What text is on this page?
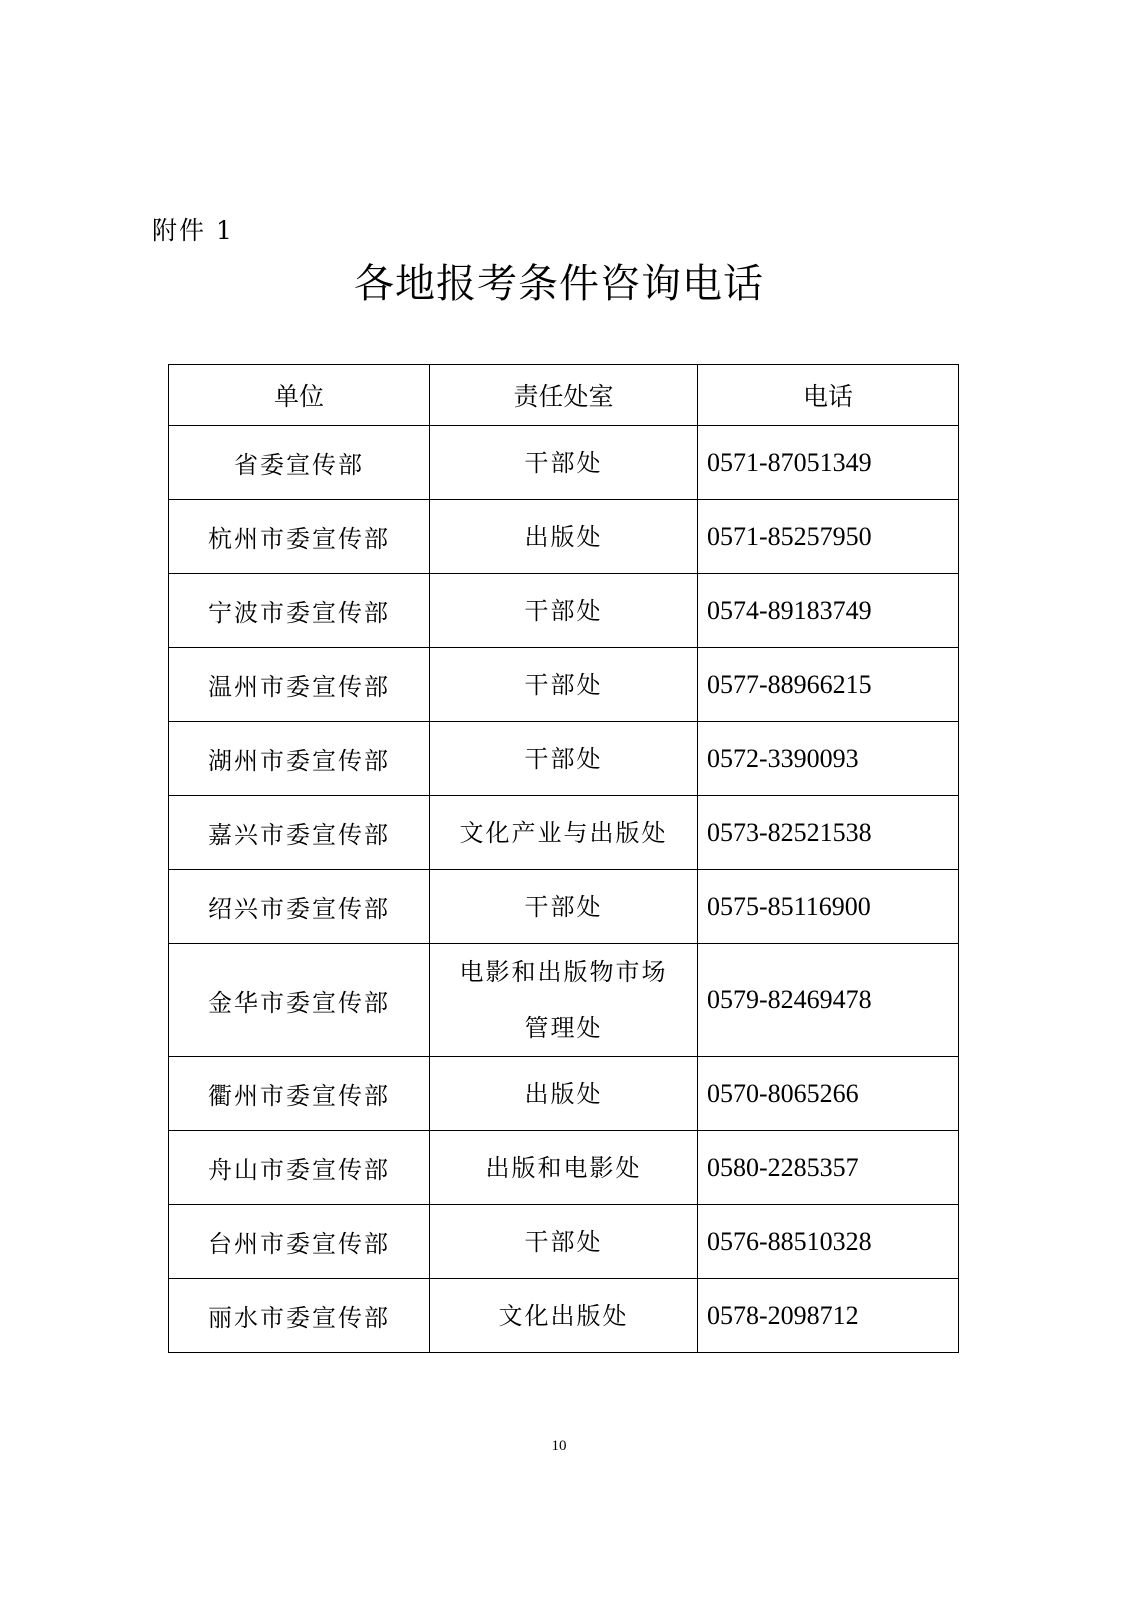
附件 1
各地报考条件咨询电话
单位	责任处室	电话
省委宣传部	干部处	0571-87051349
杭州市委宣传部	出版处	0571-85257950
宁波市委宣传部	干部处	0574-89183749
温州市委宣传部	干部处	0577-88966215
湖州市委宣传部	干部处	0572-3390093
嘉兴市委宣传部	文化产业与出版处	0573-82521538
绍兴市委宣传部	干部处	0575-85116900
金华市委宣传部	电影和出版物市场管理处	0579-82469478
衢州市委宣传部	出版处	0570-8065266
舟山市委宣传部	出版和电影处	0580-2285357
台州市委宣传部	干部处	0576-88510328
丽水市委宣传部	文化出版处	0578-2098712
10
